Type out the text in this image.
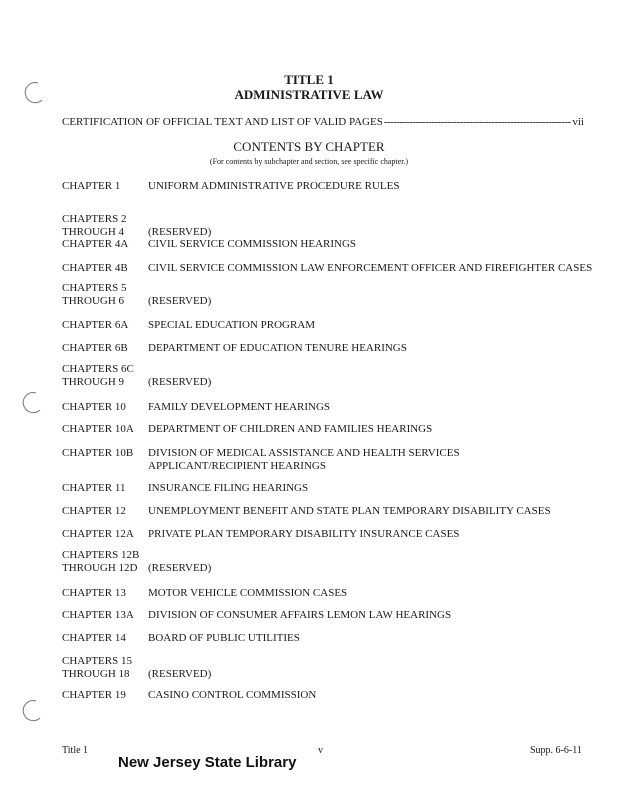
TITLE 1
ADMINISTRATIVE LAW
CERTIFICATION OF OFFICIAL TEXT AND LIST OF VALID PAGES
-----	vii
CONTENTS BY CHAPTER
(For contents by subchapter and section, see specific chapter.)
CHAPTER 1	UNIFORM ADMINISTRATIVE PROCEDURE RULES
CHAPTERS 2 THROUGH 4	(RESERVED)
CHAPTER 4A	CIVIL SERVICE COMMISSION HEARINGS
CHAPTER 4B	CIVIL SERVICE COMMISSION LAW ENFORCEMENT OFFICER AND FIREFIGHTER CASES
CHAPTERS 5 THROUGH 6	(RESERVED)
CHAPTER 6A	SPECIAL EDUCATION PROGRAM
CHAPTER 6B	DEPARTMENT OF EDUCATION TENURE HEARINGS
CHAPTERS 6C THROUGH 9	(RESERVED)
CHAPTER 10	FAMILY DEVELOPMENT HEARINGS
CHAPTER 10A	DEPARTMENT OF CHILDREN AND FAMILIES HEARINGS
CHAPTER 10B	DIVISION OF MEDICAL ASSISTANCE AND HEALTH SERVICES APPLICANT/RECIPIENT HEARINGS
CHAPTER 11	INSURANCE FILING HEARINGS
CHAPTER 12	UNEMPLOYMENT BENEFIT AND STATE PLAN TEMPORARY DISABILITY CASES
CHAPTER 12A	PRIVATE PLAN TEMPORARY DISABILITY INSURANCE CASES
CHAPTERS 12B THROUGH 12D (RESERVED)
CHAPTER 13	MOTOR VEHICLE COMMISSION CASES
CHAPTER 13A	DIVISION OF CONSUMER AFFAIRS LEMON LAW HEARINGS
CHAPTER 14	BOARD OF PUBLIC UTILITIES
CHAPTERS 15 THROUGH 18	(RESERVED)
CHAPTER 19	CASINO CONTROL COMMISSION
Title 1	v	Supp. 6-6-11
New Jersey State Library
